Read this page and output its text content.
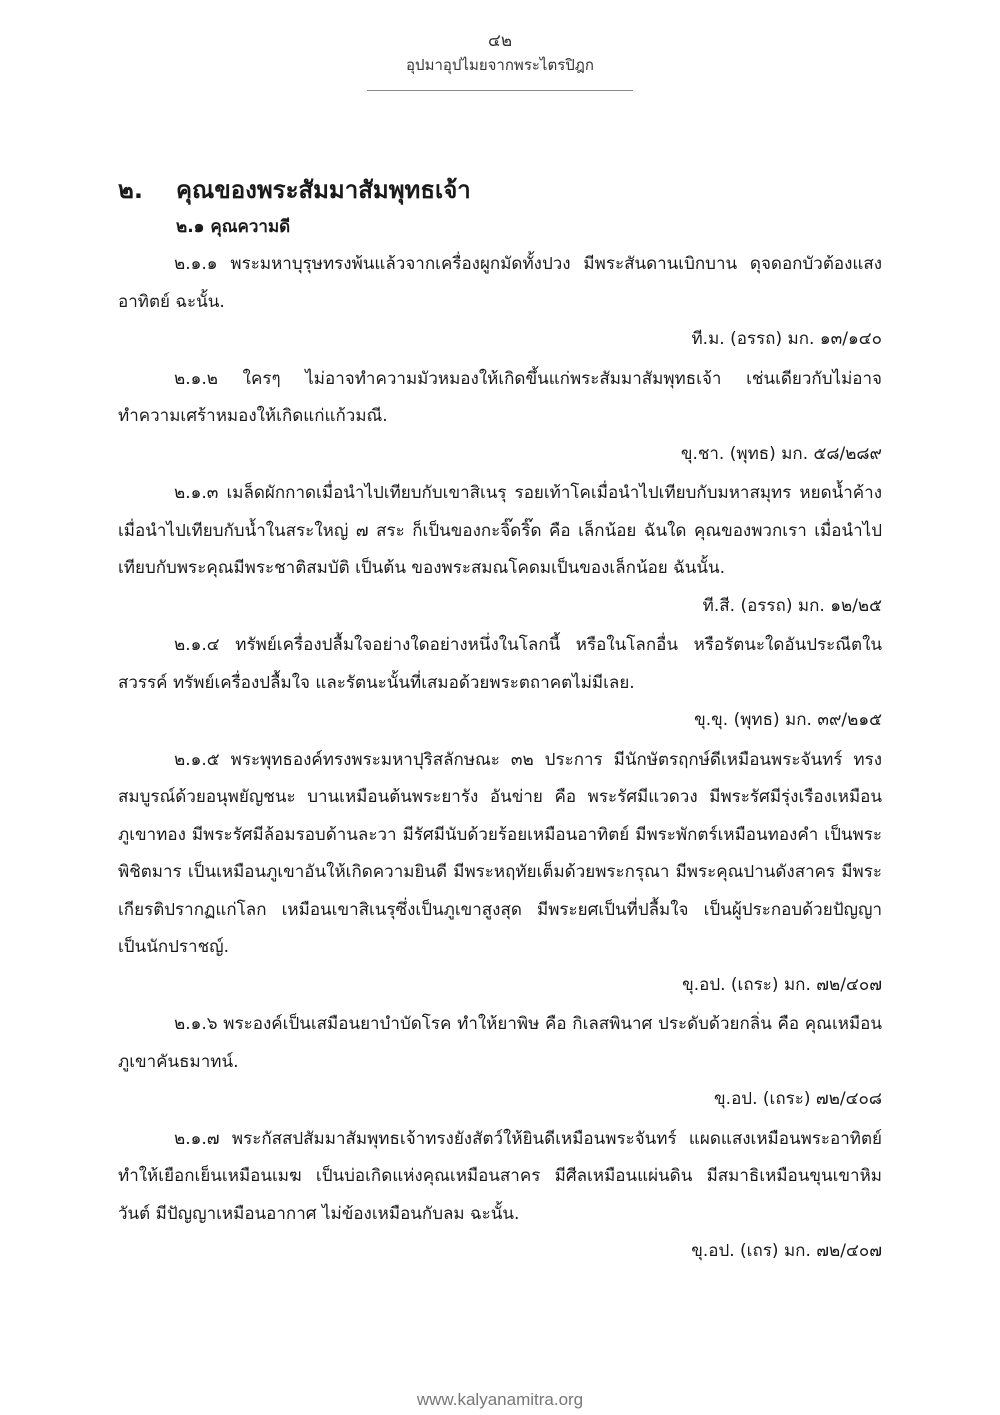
๔๒
อุปมาอุปไมยจากพระไตรปิฎก
๒.	คุณของพระสัมมาสัมพุทธเจ้า
๒.๑ คุณความดี

๒.๑.๑ พระมหาบุรุษทรงพ้นแล้วจากเครื่องผูกมัดทั้งปวง มีพระสันดานเบิกบาน ดุจดอกบัวต้องแสงอาทิตย์ ฉะนั้น.

ที.ม. (อรรถ) มก. ๑๓/๑๔๐

๒.๑.๒ ใครๆ ไม่อาจทำความมัวหมองให้เกิดขึ้นแก่พระสัมมาสัมพุทธเจ้า เช่นเดียวกับไม่อาจทำความเศร้าหมองให้เกิดแก่แก้วมณี.

ขุ.ชา. (พุทธ) มก. ๕๘/๒๘๙

๒.๑.๓ เมล็ดผักกาดเมื่อนำไปเทียบกับเขาสิเนรุ รอยเท้าโคเมื่อนำไปเทียบกับมหาสมุทร หยดน้ำค้างเมื่อนำไปเทียบกับน้ำในสระใหญ่ ๗ สระ ก็เป็นของกะจิ๊ดริ๊ด คือ เล็กน้อย ฉันใด คุณของพวกเรา เมื่อนำไปเทียบกับพระคุณมีพระชาติสมบัติ เป็นต้น ของพระสมณโคดมเป็นของเล็กน้อย ฉันนั้น.

ที.สี. (อรรถ) มก. ๑๒/๒๕

๒.๑.๔ ทรัพย์เครื่องปลื้มใจอย่างใดอย่างหนึ่งในโลกนี้ หรือในโลกอื่น หรือรัตนะใดอันประณีตในสวรรค์ ทรัพย์เครื่องปลื้มใจ และรัตนะนั้นที่เสมอด้วยพระตถาคตไม่มีเลย.

ขุ.ขุ. (พุทธ) มก. ๓๙/๒๑๕

๒.๑.๕ พระพุทธองค์ทรงพระมหาปุริสลักษณะ ๓๒ ประการ มีนักษัตรฤกษ์ดีเหมือนพระจันทร์ ทรงสมบูรณ์ด้วยอนุพยัญชนะ บานเหมือนต้นพระยารัง อันข่าย คือ พระรัศมีแวดวง มีพระรัศมีรุ่งเรืองเหมือนภูเขาทอง มีพระรัศมีล้อมรอบด้านละวา มีรัศมีนับด้วยร้อยเหมือนอาทิตย์ มีพระพักตร์เหมือนทองคำ เป็นพระพิชิตมาร เป็นเหมือนภูเขาอันให้เกิดความยินดี มีพระหฤทัยเต็มด้วยพระกรุณา มีพระคุณปานดังสาคร มีพระเกียรติปรากฏแก่โลก เหมือนเขาสิเนรุซึ่งเป็นภูเขาสูงสุด มีพระยศเป็นที่ปลื้มใจ เป็นผู้ประกอบด้วยปัญญา เป็นนักปราชญ์.

ขุ.อป. (เถระ) มก. ๗๒/๔๐๗

๒.๑.๖ พระองค์เป็นเสมือนยาบำบัดโรค ทำให้ยาพิษ คือ กิเลสพินาศ ประดับด้วยกลิ่น คือ คุณเหมือนภูเขาคันธมาทน์.

ขุ.อป. (เถระ) ๗๒/๔๐๘

๒.๑.๗ พระกัสสปสัมมาสัมพุทธเจ้าทรงยังสัตว์ให้ยินดีเหมือนพระจันทร์ แผดแสงเหมือนพระอาทิตย์ ทำให้เยือกเย็นเหมือนเมฆ เป็นบ่อเกิดแห่งคุณเหมือนสาคร มีศีลเหมือนแผ่นดิน มีสมาธิเหมือนขุนเขาหิมวันต์ มีปัญญาเหมือนอากาศ ไม่ข้องเหมือนกับลม ฉะนั้น.

ขุ.อป. (เถร) มก. ๗๒/๔๐๗

www.kalyanamitra.org
